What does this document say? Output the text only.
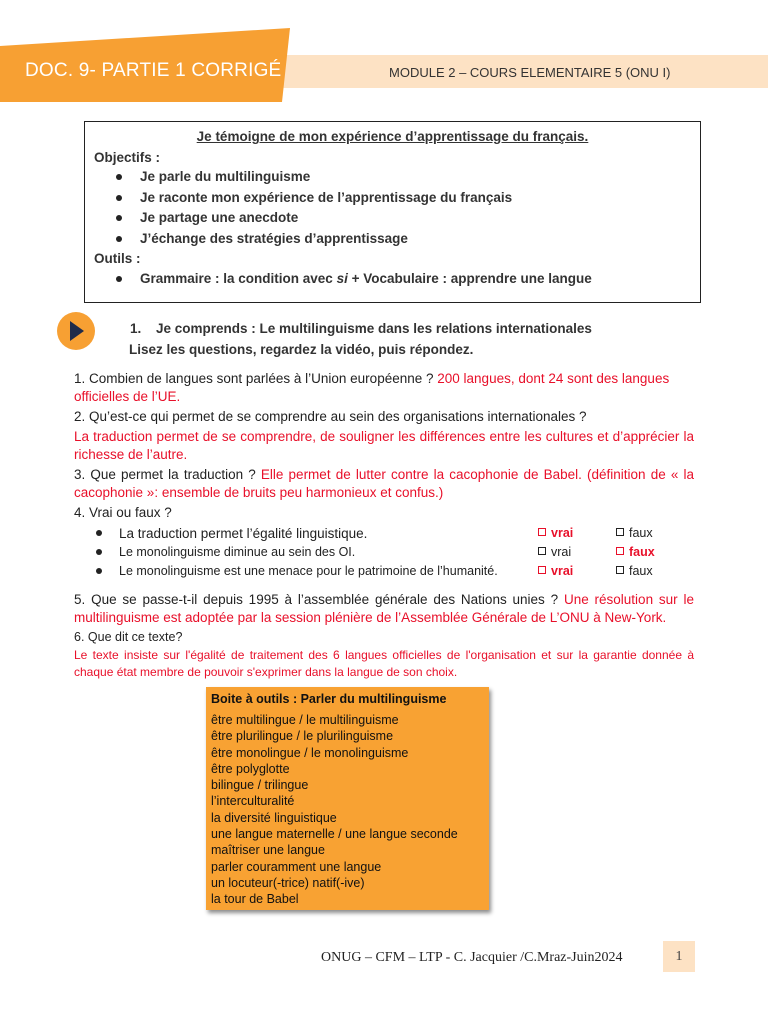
DOC. 9- PARTIE 1 CORRIGÉ	MODULE 2 – COURS ELEMENTAIRE 5 (ONU I)
Je témoigne de mon expérience d’apprentissage du français.
Objectifs :
Je parle du multilinguisme
Je raconte mon expérience de l’apprentissage du français
Je partage une anecdote
J’échange des stratégies d’apprentissage
Outils :
Grammaire : la condition avec si + Vocabulaire : apprendre une langue
1. Je comprends : Le multilinguisme dans les relations internationales
Lisez les questions, regardez la vidéo, puis répondez.
1. Combien de langues sont parlées à l’Union européenne ? 200 langues, dont 24 sont des langues officielles de l’UE.
2. Qu’est-ce qui permet de se comprendre au sein des organisations internationales ?
La traduction permet de se comprendre, de souligner les différences entre les cultures et d’apprécier la richesse de l’autre.
3. Que permet la traduction ? Elle permet de lutter contre la cacophonie de Babel. (définition de « la cacophonie »: ensemble de bruits peu harmonieux et confus.)
4. Vrai ou faux ?
La traduction permet l’égalité linguistique.	vrai	faux
Le monolinguisme diminue au sein des OI.	vrai	faux
Le monolinguisme est une menace pour le patrimoine de l’humanité.	vrai	faux
5. Que se passe-t-il depuis 1995 à l’assemblée générale des Nations unies ? Une résolution sur le multilinguisme est adoptée par la session plénière de l’Assemblée Générale de L’ONU à New-York.
6. Que dit ce texte?
Le texte insiste sur l'égalité de traitement des 6 langues officielles de l'organisation et sur la garantie donnée à chaque état membre de pouvoir s'exprimer dans la langue de son choix.
Boite à outils : Parler du multilinguisme
être multilingue / le multilinguisme
être plurilingue / le plurilinguisme
être monolingue / le monolinguisme
être polyglotte
bilingue / trilingue
l’interculturalité
la diversité linguistique
une langue maternelle / une langue seconde
maîtriser une langue
parler couramment une langue
un locuteur(-trice) natif(-ive)
la tour de Babel
ONUG – CFM – LTP - C. Jacquier /C.Mraz-Juin2024	1
